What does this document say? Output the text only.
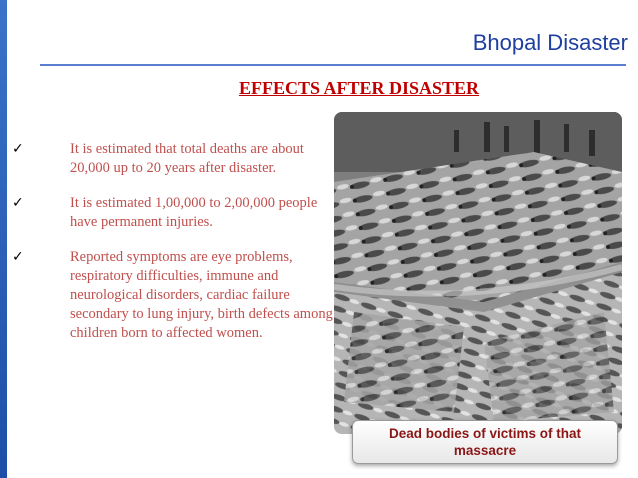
Bhopal Disaster
EFFECTS AFTER DISASTER
✓	It is estimated that total deaths are about 20,000 up to 20 years after disaster.
✓	It is estimated 1,00,000 to 2,00,000 people have permanent injuries.
✓	Reported symptoms are eye problems, respiratory difficulties, immune and neurological disorders, cardiac failure secondary to lung injury, birth defects among children born to affected women.
Dead bodies of victims of that massacre
